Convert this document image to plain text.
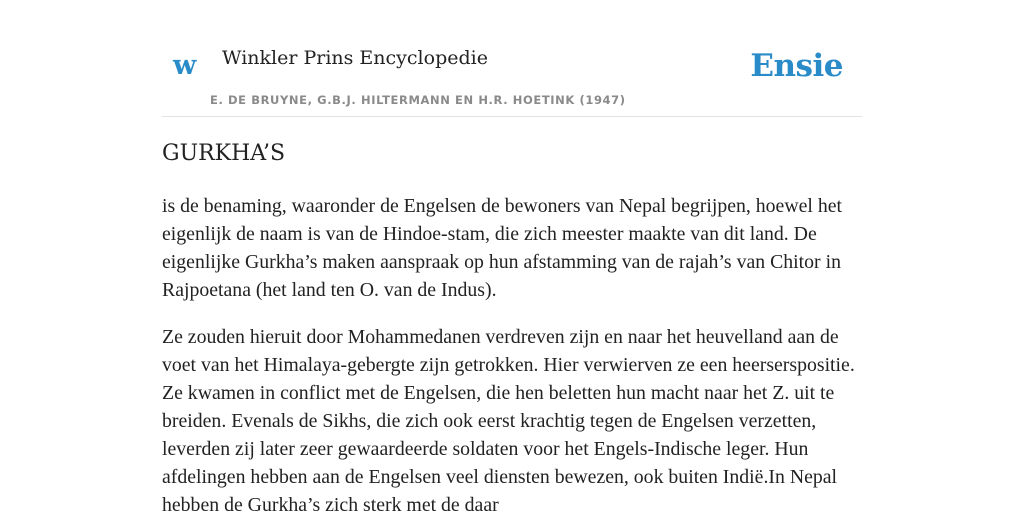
w Winkler Prins Encyclopedie
E. DE BRUYNE, G.B.J. HILTERMANN EN H.R. HOETINK (1947)
Ensie
GURKHA’S

is de benaming, waaronder de Engelsen de bewoners van Nepal begrijpen, hoewel het eigenlijk de naam is van de Hindoe-stam, die zich meester maakte van dit land. De eigenlijke Gurkha’s maken aanspraak op hun afstamming van de rajah’s van Chitor in Rajpoetana (het land ten O. van de Indus).

Ze zouden hieruit door Mohammedanen verdreven zijn en naar het heuvelland aan de voet van het Himalaya-gebergte zijn getrokken. Hier verwierven ze een heerserspositie. Ze kwamen in conflict met de Engelsen, die hen beletten hun macht naar het Z. uit te breiden. Evenals de Sikhs, die zich ook eerst krachtig tegen de Engelsen verzetten, leverden zij later zeer gewaardeerde soldaten voor het Engels-Indische leger. Hun afdelingen hebben aan de Engelsen veel diensten bewezen, ook buiten Indië.In Nepal hebben de Gurkha’s zich sterk met de daar
